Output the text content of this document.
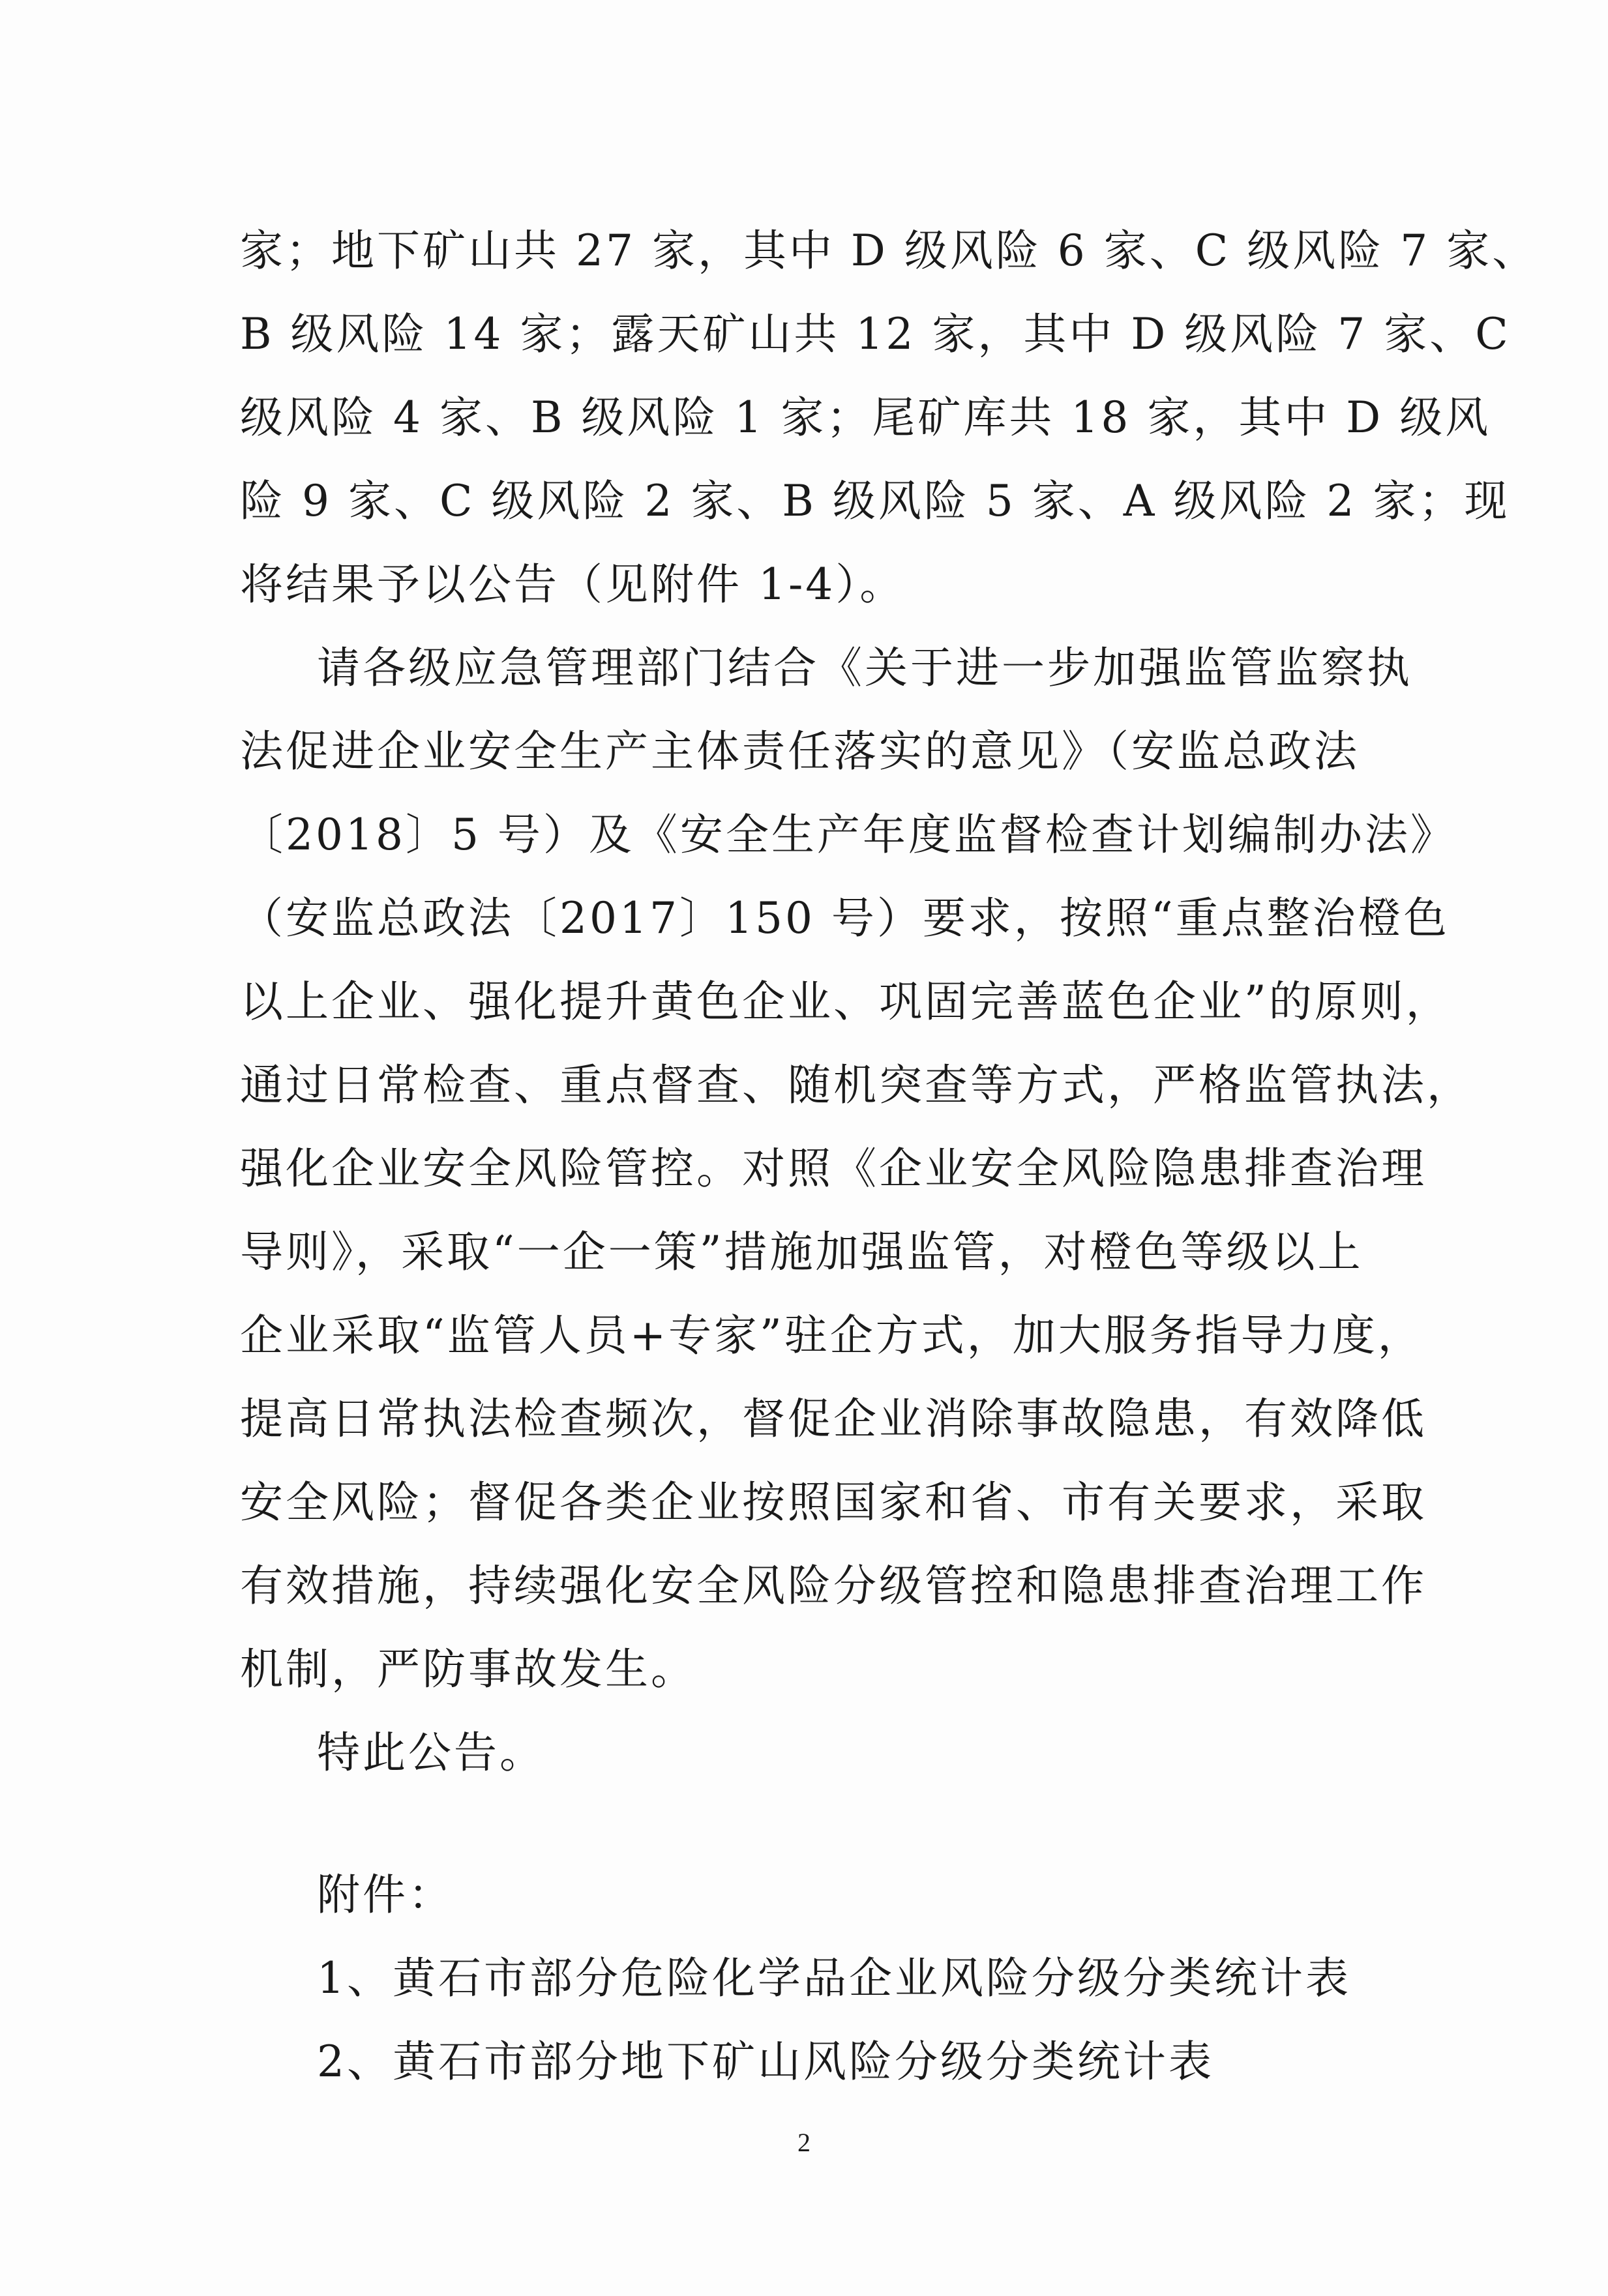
家；地下矿山共 27 家，其中 D 级风险 6 家、C 级风险 7 家、
B 级风险 14 家；露天矿山共 12 家，其中 D 级风险 7 家、C
级风险 4 家、B 级风险 1 家；尾矿库共 18 家，其中 D 级风
险 9 家、C 级风险 2 家、B 级风险 5 家、A 级风险 2 家；现
将结果予以公告（见附件 1-4）。
请各级应急管理部门结合《关于进一步加强监管监察执
法促进企业安全生产主体责任落实的意见》（安监总政法
〔2018〕5 号）及《安全生产年度监督检查计划编制办法》
（安监总政法〔2017〕150 号）要求，按照“重点整治橙色
以上企业、强化提升黄色企业、巩固完善蓝色企业”的原则，
通过日常检查、重点督查、随机突查等方式，严格监管执法，
强化企业安全风险管控。对照《企业安全风险隐患排查治理
导则》，采取“一企一策”措施加强监管，对橙色等级以上
企业采取“监管人员+专家”驻企方式，加大服务指导力度，
提高日常执法检查频次，督促企业消除事故隐患，有效降低
安全风险；督促各类企业按照国家和省、市有关要求，采取
有效措施，持续强化安全风险分级管控和隐患排查治理工作
机制，严防事故发生。
特此公告。
附件：
1、黄石市部分危险化学品企业风险分级分类统计表
2、黄石市部分地下矿山风险分级分类统计表
2
